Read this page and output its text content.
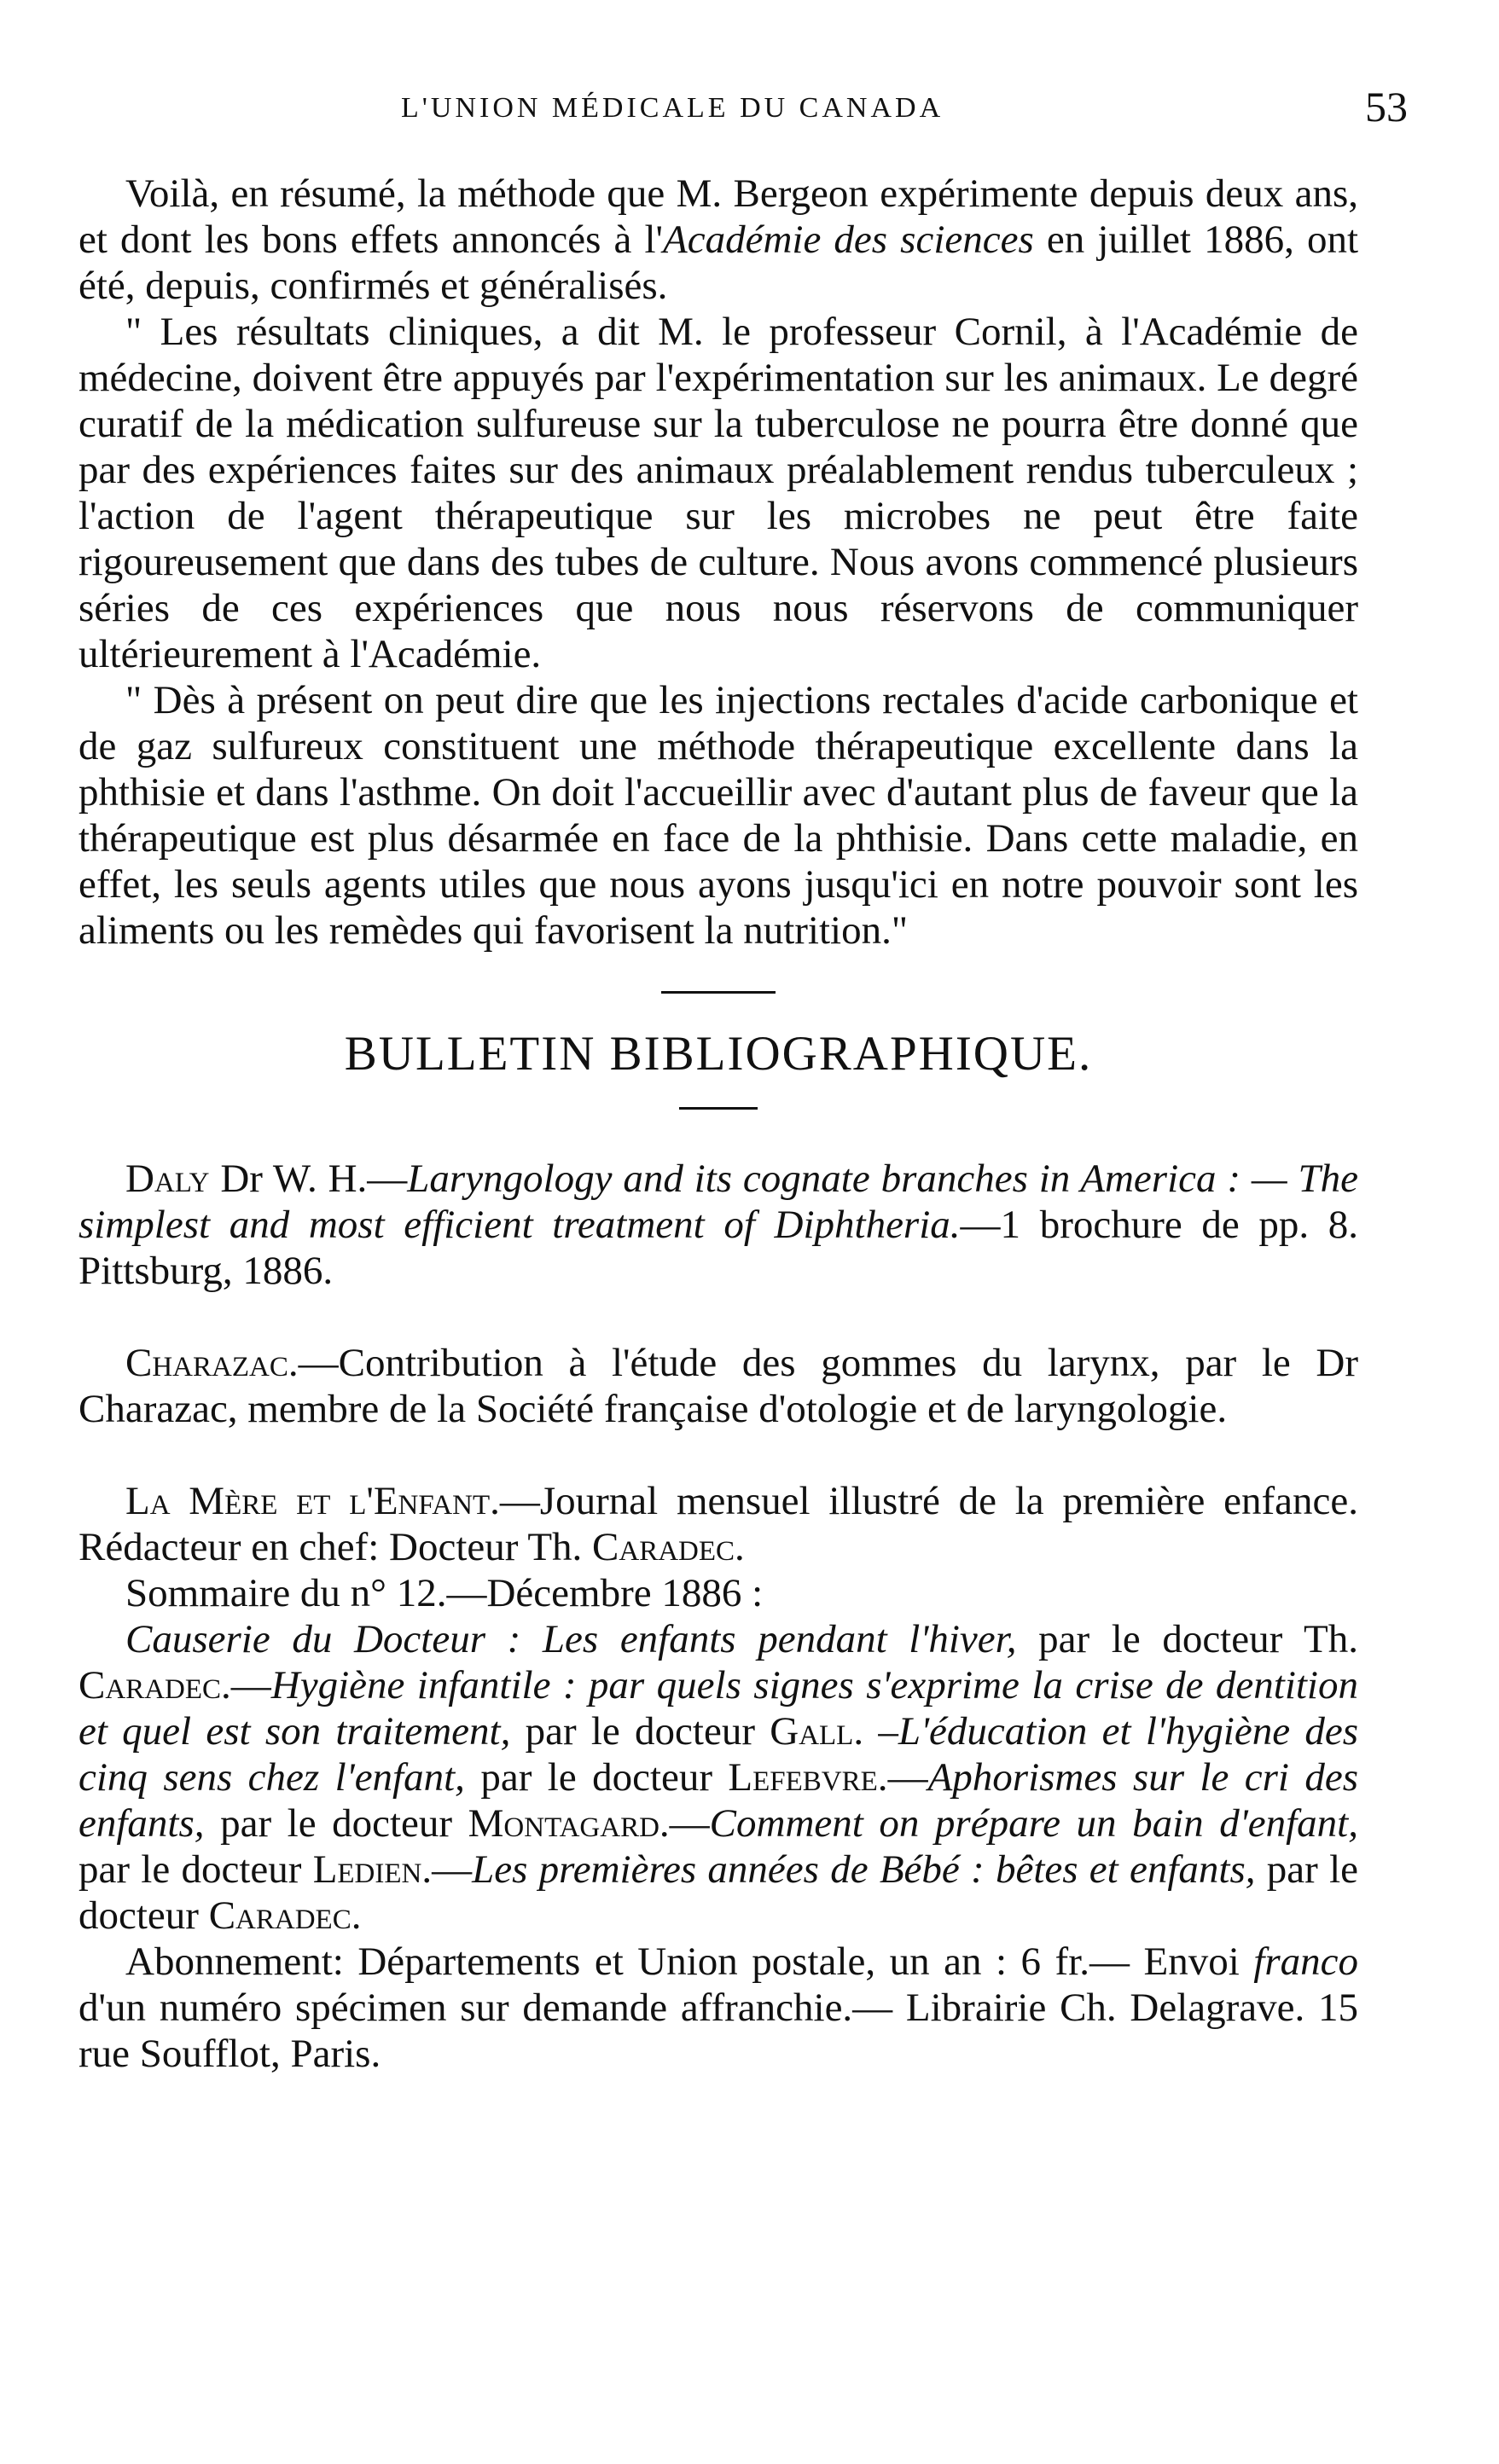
L'UNION MÉDICALE DU CANADA	53

Voilà, en résumé, la méthode que M. Bergeon expérimente depuis deux ans, et dont les bons effets annoncés à l'Académie des sciences en juillet 1886, ont été, depuis, confirmés et généralisés.

" Les résultats cliniques, a dit M. le professeur Cornil, à l'Académie de médecine, doivent être appuyés par l'expérimentation sur les animaux. Le degré curatif de la médication sulfureuse sur la tuberculose ne pourra être donné que par des expériences faites sur des animaux préalablement rendus tuberculeux ; l'action de l'agent thérapeutique sur les microbes ne peut être faite rigoureusement que dans des tubes de culture. Nous avons commencé plusieurs séries de ces expériences que nous nous réservons de communiquer ultérieurement à l'Académie.

" Dès à présent on peut dire que les injections rectales d'acide carbonique et de gaz sulfureux constituent une méthode thérapeutique excellente dans la phthisie et dans l'asthme. On doit l'accueillir avec d'autant plus de faveur que la thérapeutique est plus désarmée en face de la phthisie. Dans cette maladie, en effet, les seuls agents utiles que nous ayons jusqu'ici en notre pouvoir sont les aliments ou les remèdes qui favorisent la nutrition."

BULLETIN BIBLIOGRAPHIQUE.

Daly Dr W. H.—Laryngology and its cognate branches in America : — The simplest and most efficient treatment of Diphtheria.—1 brochure de pp. 8. Pittsburg, 1886.

Charazac.—Contribution à l'étude des gommes du larynx, par le Dr Charazac, membre de la Société française d'otologie et de laryngologie.

La Mère et l'Enfant.—Journal mensuel illustré de la première enfance. Rédacteur en chef: Docteur Th. Caradec.

Sommaire du n° 12.—Décembre 1886 :

Causerie du Docteur : Les enfants pendant l'hiver, par le docteur Th. Caradec.—Hygiène infantile : par quels signes s'exprime la crise de dentition et quel est son traitement, par le docteur Gall. –L'éducation et l'hygiène des cinq sens chez l'enfant, par le docteur Lefebvre.—Aphorismes sur le cri des enfants, par le docteur Montagard.—Comment on prépare un bain d'enfant, par le docteur Ledien.—Les premières années de Bébé : bêtes et enfants, par le docteur Caradec.

Abonnement: Départements et Union postale, un an : 6 fr.— Envoi franco d'un numéro spécimen sur demande affranchie.— Librairie Ch. Delagrave. 15 rue Soufflot, Paris.
